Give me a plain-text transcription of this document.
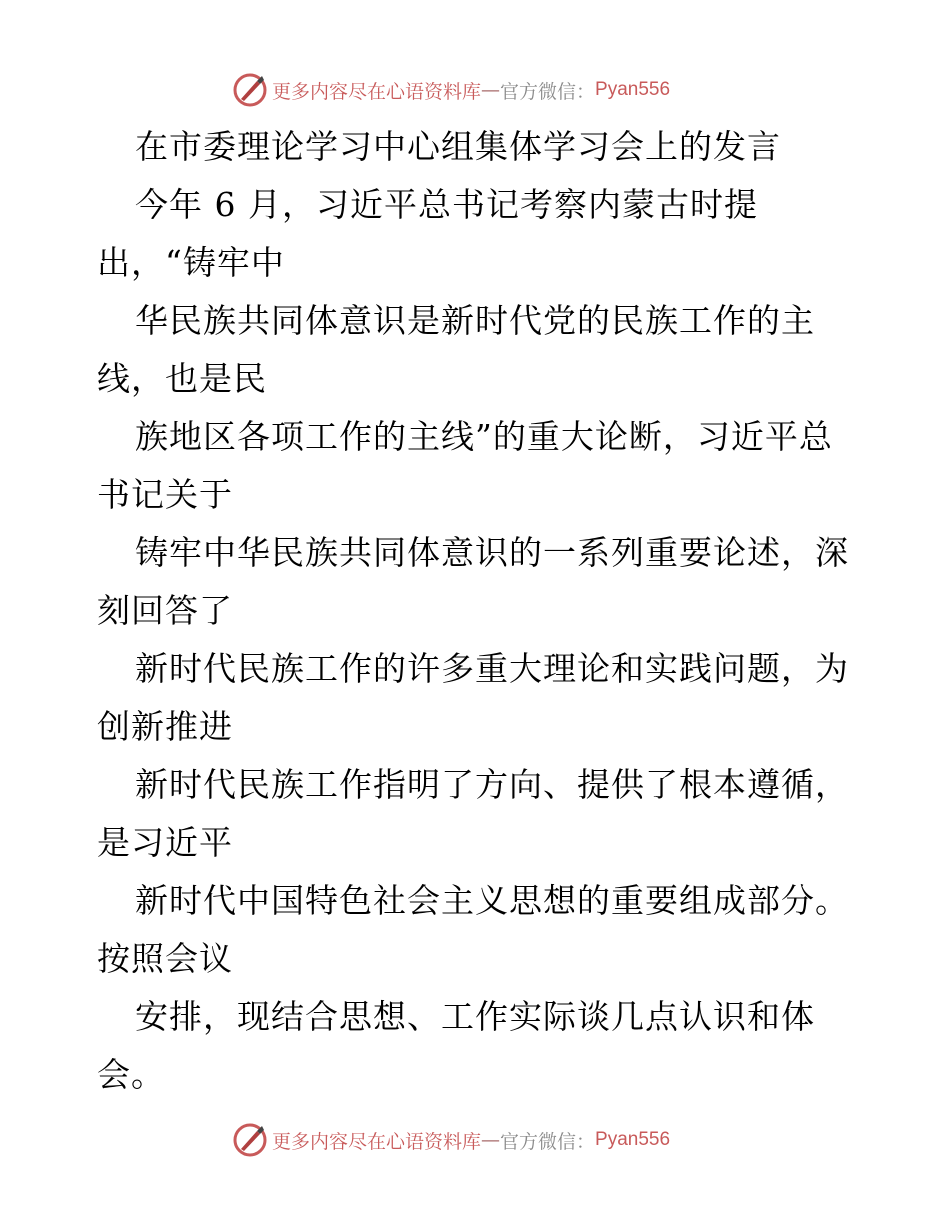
更多内容尽在心语资料库 — 官方微信： Pyan556
在市委理论学习中心组集体学习会上的发言
今年 6 月，习近平总书记考察内蒙古时提
出，“铸牢中
华民族共同体意识是新时代党的民族工作的主
线，也是民
族地区各项工作的主线”的重大论断，习近平总
书记关于
铸牢中华民族共同体意识的一系列重要论述，深
刻回答了
新时代民族工作的许多重大理论和实践问题，为
创新推进
新时代民族工作指明了方向、提供了根本遵循，
是习近平
新时代中国特色社会主义思想的重要组成部分。
按照会议
安排，现结合思想、工作实际谈几点认识和体
会。
更多内容尽在心语资料库 — 官方微信： Pyan556
